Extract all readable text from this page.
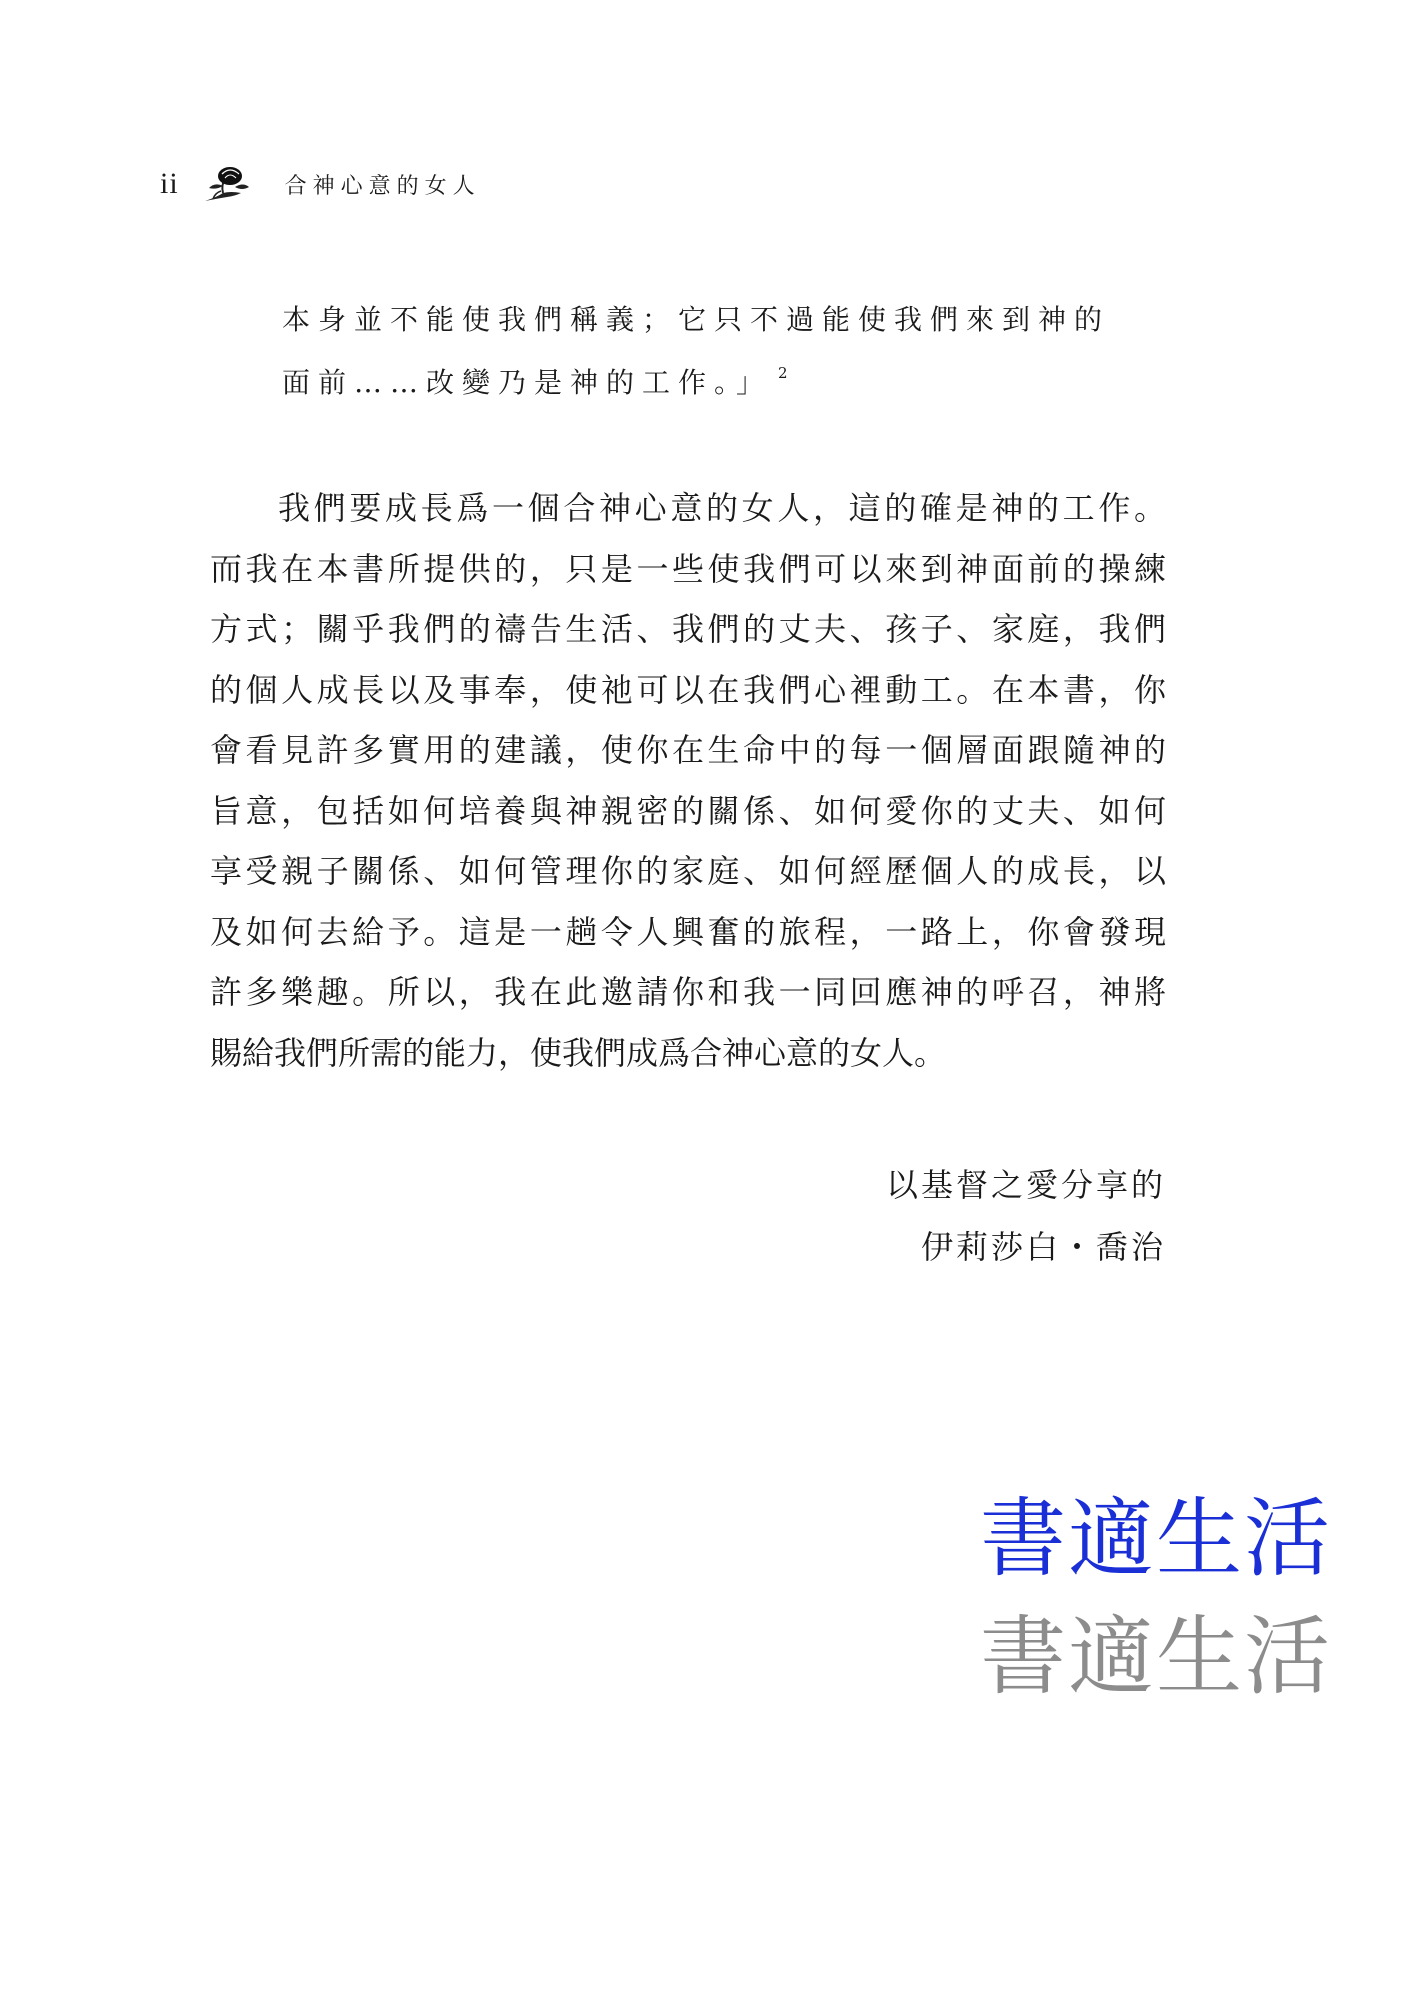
ii	合神心意的女人
本身並不能使我們稱義；它只不過能使我們來到神的
面前……改變乃是神的工作。」 $^2$
我們要成長爲一個合神心意的女人，這的確是神的工作。
而我在本書所提供的，只是一些使我們可以來到神面前的操練
方式；關乎我們的禱告生活、我們的丈夫、孩子、家庭，我們
的個人成長以及事奉，使祂可以在我們心裡動工。在本書，你
會看見許多實用的建議，使你在生命中的每一個層面跟隨神的
旨意，包括如何培養與神親密的關係、如何愛你的丈夫、如何
享受親子關係、如何管理你的家庭、如何經歷個人的成長，以
及如何去給予。這是一趟令人興奮的旅程，一路上，你會發現
許多樂趣。所以，我在此邀請你和我一同回應神的呼召，神將
賜給我們所需的能力，使我們成爲合神心意的女人。
以基督之愛分享的
伊莉莎白・喬治
書適生活
書適生活
